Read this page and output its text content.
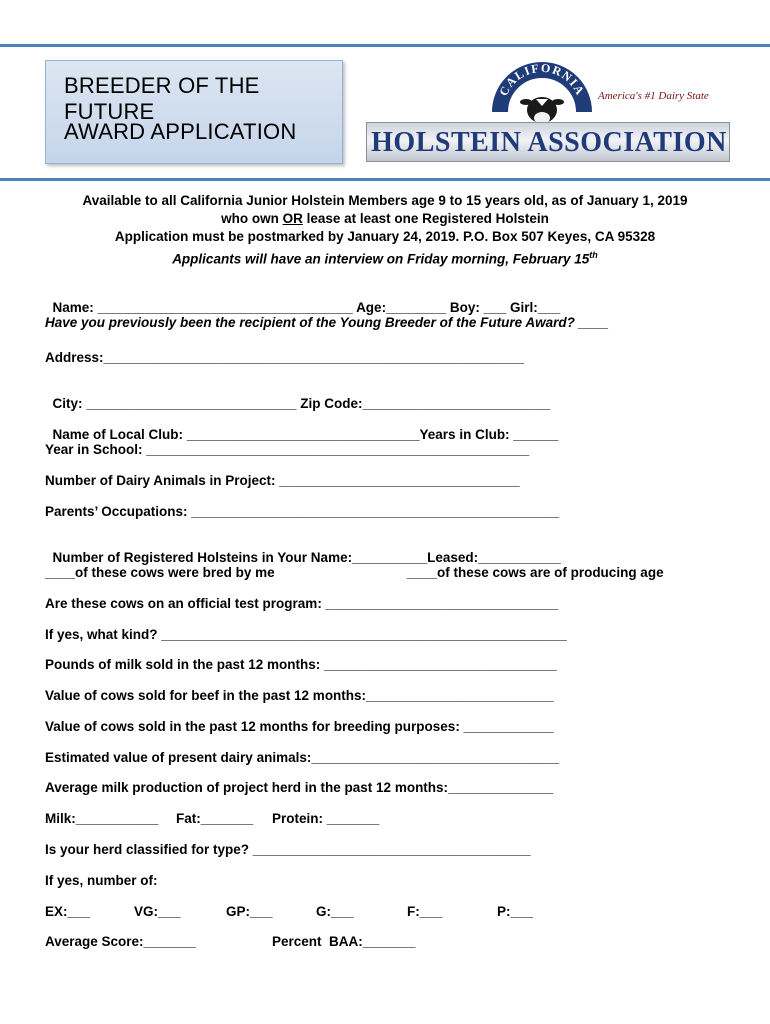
BREEDER OF THE FUTURE
AWARD APPLICATION
CALIFORNIA America's #1 Dairy State
HOLSTEIN ASSOCIATION
Available to all California Junior Holstein Members age 9 to 15 years old, as of January 1, 2019
who own OR lease at least one Registered Holstein
Application must be postmarked by January 24, 2019. P.O. Box 507 Keyes, CA 95328
Applicants will have an interview on Friday morning, February 15th

Name: __________________________________ Age:________ Boy: ___ Girl:___

Have you previously been the recipient of the Young Breeder of the Future Award? ____
Address:________________________________________________________

City: ____________________________ Zip Code:_________________________

Name of Local Club: _______________________________Years in Club: ______

Year in School: ___________________________________________________
Number of Dairy Animals in Project: ________________________________
Parents’ Occupations: _________________________________________________

Number of Registered Holsteins in Your Name:__________Leased:___________

____of these cows were bred by me	____of these cows are of producing age
Are these cows on an official test program: _______________________________
If yes, what kind? ______________________________________________________
Pounds of milk sold in the past 12 months: _______________________________
Value of cows sold for beef in the past 12 months:_________________________
Value of cows sold in the past 12 months for breeding purposes: ____________
Estimated value of present dairy animals:_________________________________
Average milk production of project herd in the past 12 months:______________
Milk:___________ Fat:_______ Protein: _______
Is your herd classified for type? _____________________________________
If yes, number of:
EX:___	VG:___	GP:___	G:___	F:___	P:___
Average Score:_______	Percent  BAA:_______
